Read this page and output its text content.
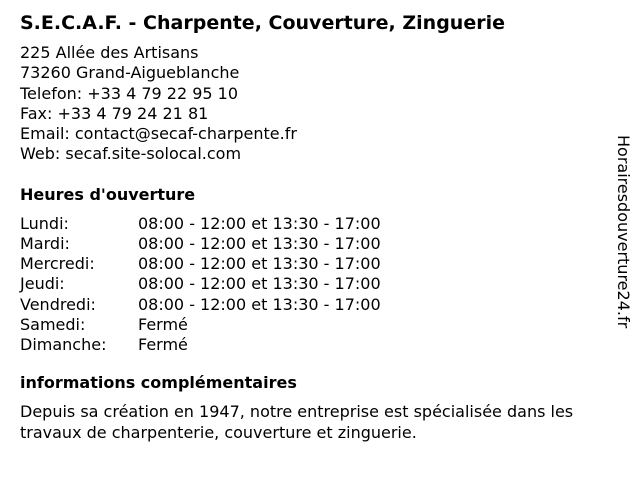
S.E.C.A.F. - Charpente, Couverture, Zinguerie
225 Allée des Artisans
73260 Grand-Aigueblanche
Telefon: +33 4 79 22 95 10
Fax: +33 4 79 24 21 81
Email: contact@secaf-charpente.fr
Web: secaf.site-solocal.com
Heures d'ouverture
Lundi:	08:00 - 12:00 et 13:30 - 17:00
Mardi:	08:00 - 12:00 et 13:30 - 17:00
Mercredi:	08:00 - 12:00 et 13:30 - 17:00
Jeudi:	08:00 - 12:00 et 13:30 - 17:00
Vendredi:	08:00 - 12:00 et 13:30 - 17:00
Samedi:	Fermé
Dimanche:	Fermé
informations complémentaires
Depuis sa création en 1947, notre entreprise est spécialisée dans les travaux de charpenterie, couverture et zinguerie.
Horairesdouverture24.fr
